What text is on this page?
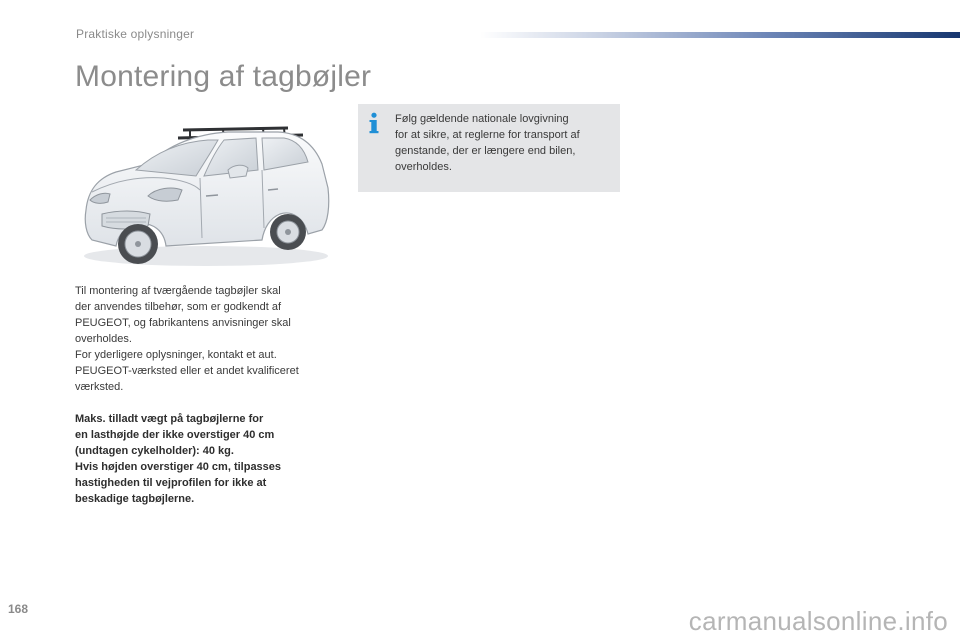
Praktiske oplysninger
Montering af tagbøjler

Til montering af tværgående tagbøjler skal
der anvendes tilbehør, som er godkendt af
PEUGEOT, og fabrikantens anvisninger skal
overholdes.
For yderligere oplysninger, kontakt et aut.
PEUGEOT-værksted eller et andet kvalificeret
værksted.

Maks. tilladt vægt på tagbøjlerne for
en lasthøjde der ikke overstiger 40 cm
(undtagen cykelholder): 40 kg.
Hvis højden overstiger 40 cm, tilpasses
hastigheden til vejprofilen for ikke at
beskadige tagbøjlerne.

Følg gældende nationale lovgivning
for at sikre, at reglerne for transport af
genstande, der er længere end bilen,
overholdes.
168	carmanualsonline.info
